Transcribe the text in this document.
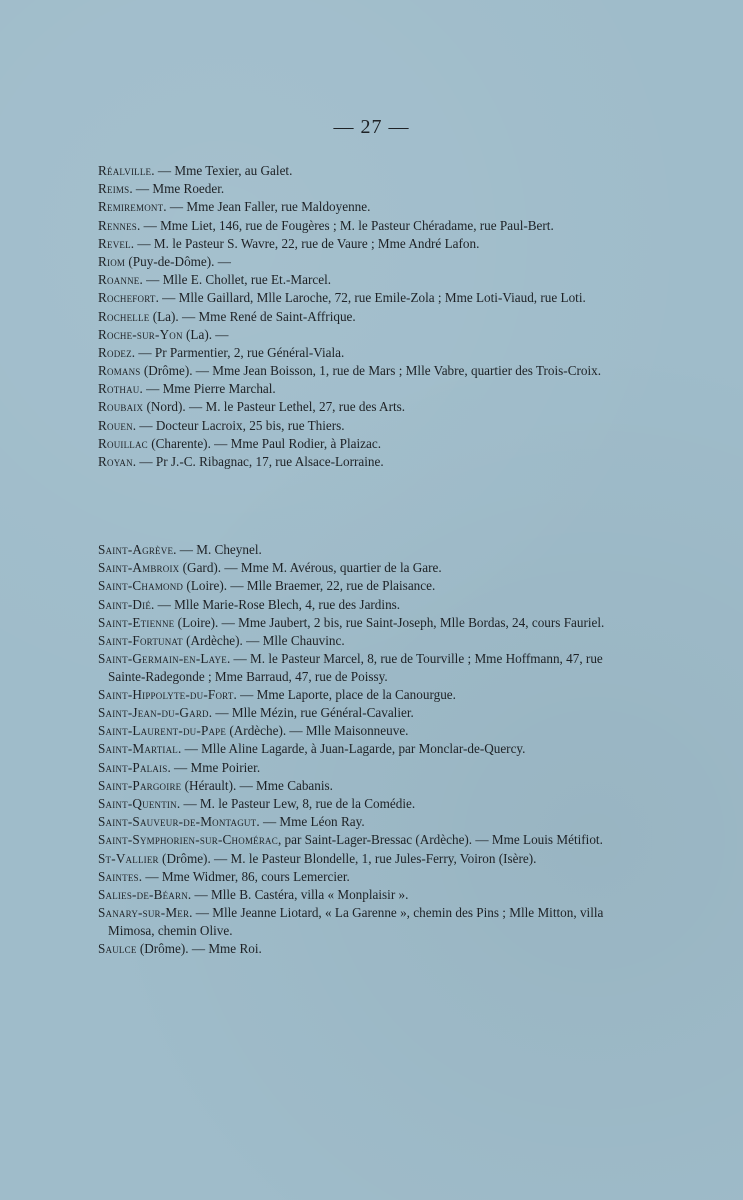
— 27 —

Réalville. — Mme Texier, au Galet.

Reims. — Mme Roeder.

Remiremont. — Mme Jean Faller, rue Maldoyenne.

Rennes. — Mme Liet, 146, rue de Fougères ; M. le Pasteur Chéradame, rue Paul-Bert.

Revel. — M. le Pasteur S. Wavre, 22, rue de Vaure ; Mme André Lafon.

Riom (Puy-de-Dôme). —

Roanne. — Mlle E. Chollet, rue Et.-Marcel.

Rochefort. — Mlle Gaillard, Mlle Laroche, 72, rue Emile-Zola ; Mme Loti-Viaud, rue Loti.

Rochelle (La). — Mme René de Saint-Affrique.

Roche-sur-Yon (La). —

Rodez. — Pr Parmentier, 2, rue Général-Viala.

Romans (Drôme). — Mme Jean Boisson, 1, rue de Mars ; Mlle Vabre, quartier des Trois-Croix.

Rothau. — Mme Pierre Marchal.

Roubaix (Nord). — M. le Pasteur Lethel, 27, rue des Arts.

Rouen. — Docteur Lacroix, 25 bis, rue Thiers.

Rouillac (Charente). — Mme Paul Rodier, à Plaizac.

Royan. — Pr J.-C. Ribagnac, 17, rue Alsace-Lorraine.

Saint-Agrève. — M. Cheynel.

Saint-Ambroix (Gard). — Mme M. Avérous, quartier de la Gare.

Saint-Chamond (Loire). — Mlle Braemer, 22, rue de Plaisance.

Saint-Dié. — Mlle Marie-Rose Blech, 4, rue des Jardins.

Saint-Etienne (Loire). — Mme Jaubert, 2 bis, rue Saint-Joseph, Mlle Bordas, 24, cours Fauriel.

Saint-Fortunat (Ardèche). — Mlle Chauvinc.

Saint-Germain-en-Laye. — M. le Pasteur Marcel, 8, rue de Tourville ; Mme Hoffmann, 47, rue Sainte-Radegonde ; Mme Barraud, 47, rue de Poissy.

Saint-Hippolyte-du-Fort. — Mme Laporte, place de la Canourgue.

Saint-Jean-du-Gard. — Mlle Mézin, rue Général-Cavalier.

Saint-Laurent-du-Pape (Ardèche). — Mlle Maisonneuve.

Saint-Martial. — Mlle Aline Lagarde, à Juan-Lagarde, par Monclar-de-Quercy.

Saint-Palais. — Mme Poirier.

Saint-Pargoire (Hérault). — Mme Cabanis.

Saint-Quentin. — M. le Pasteur Lew, 8, rue de la Comédie.

Saint-Sauveur-de-Montagut. — Mme Léon Ray.

Saint-Symphorien-sur-Chomérac, par Saint-Lager-Bressac (Ardèche). — Mme Louis Métifiot.

St-Vallier (Drôme). — M. le Pasteur Blondelle, 1, rue Jules-Ferry, Voiron (Isère).

Saintes. — Mme Widmer, 86, cours Lemercier.

Salies-de-Béarn. — Mlle B. Castéra, villa « Monplaisir ».

Sanary-sur-Mer. — Mlle Jeanne Liotard, « La Garenne », chemin des Pins ; Mlle Mitton, villa Mimosa, chemin Olive.

Saulce (Drôme). — Mme Roi.
